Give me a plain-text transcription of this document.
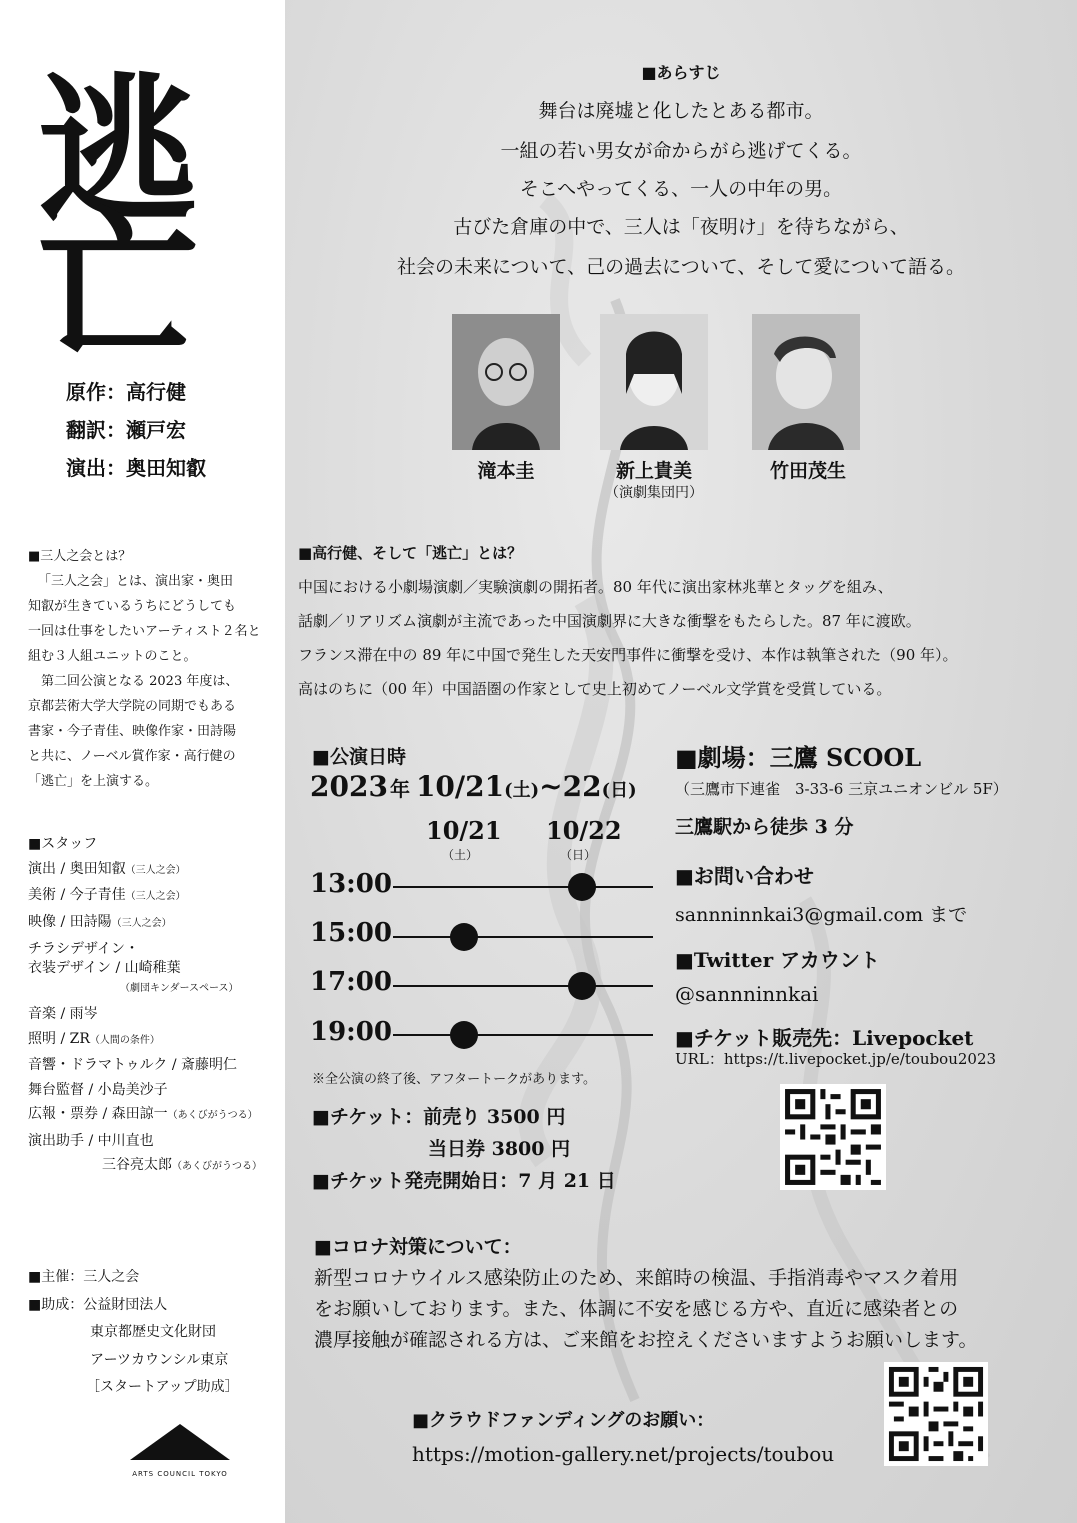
逃
亡
原作：高行健
翻訳：瀬戸宏
演出：奥田知叡
■三人之会とは？
「三人之会」とは、演出家・奥田
知叡が生きているうちにどうしても
一回は仕事をしたいアーティスト２名と
組む３人組ユニットのこと。
　第二回公演となる 2023 年度は、
京都芸術大学大学院の同期でもある
書家・今子青佳、映像作家・田詩陽
と共に、ノーベル賞作家・高行健の
「逃亡」を上演する。
■スタッフ
演出 / 奥田知叡（三人之会）
美術 / 今子青佳（三人之会）
映像 / 田詩陽（三人之会）
チラシデザイン・
衣装デザイン / 山崎稚葉
（劇団キンダースペース）
音楽 / 雨岑
照明 / ZR（人間の条件）
音響・ドラマトゥルク / 斎藤明仁
舞台監督 / 小島美沙子
広報・票券 / 森田諒一（あくびがうつる）
演出助手 / 中川直也
三谷亮太郎（あくびがうつる）
■主催：三人之会
■助成：公益財団法人
東京都歴史文化財団
アーツカウンシル東京
［スタートアップ助成］
ARTS COUNCIL TOKYO
■あらすじ
舞台は廃墟と化したとある都市。
一組の若い男女が命からがら逃げてくる。
そこへやってくる、一人の中年の男。
古びた倉庫の中で、三人は「夜明け」を待ちながら、
社会の未来について、己の過去について、そして愛について語る。
滝本圭	新上貴美
（演劇集団円）
竹田茂生
■高行健、そして「逃亡」とは？
中国における小劇場演劇／実験演劇の開拓者。80 年代に演出家林兆華とタッグを組み、
話劇／リアリズム演劇が主流であった中国演劇界に大きな衝撃をもたらした。87 年に渡欧。
フランス滞在中の 89 年に中国で発生した天安門事件に衝撃を受け、本作は執筆された（90 年）。
高はのちに（00 年）中国語圏の作家として史上初めてノーベル文学賞を受賞している。
■公演日時
2023 年 10/21(土)~22(日)
10/21
（土）
10/22
（日）
13:00
15:00
17:00
19:00
※全公演の終了後、アフタートークがあります。
■チケット：前売り 3500 円
当日券 3800 円
■チケット発売開始日：7 月 21 日
■劇場：三鷹 SCOOL
（三鷹市下連雀　3-33-6 三京ユニオンビル 5F）
三鷹駅から徒歩 3 分
■お問い合わせ
sannninnkai3@gmail.com まで
■Twitter アカウント
@sannninnkai
■チケット販売先：Livepocket
URL：https://t.livepocket.jp/e/toubou2023
■コロナ対策について：
新型コロナウイルス感染防止のため、来館時の検温、手指消毒やマスク着用
をお願いしております。また、体調に不安を感じる方や、直近に感染者との
濃厚接触が確認される方は、ご来館をお控えくださいますようお願いします。
■クラウドファンディングのお願い：
https://motion-gallery.net/projects/toubou
